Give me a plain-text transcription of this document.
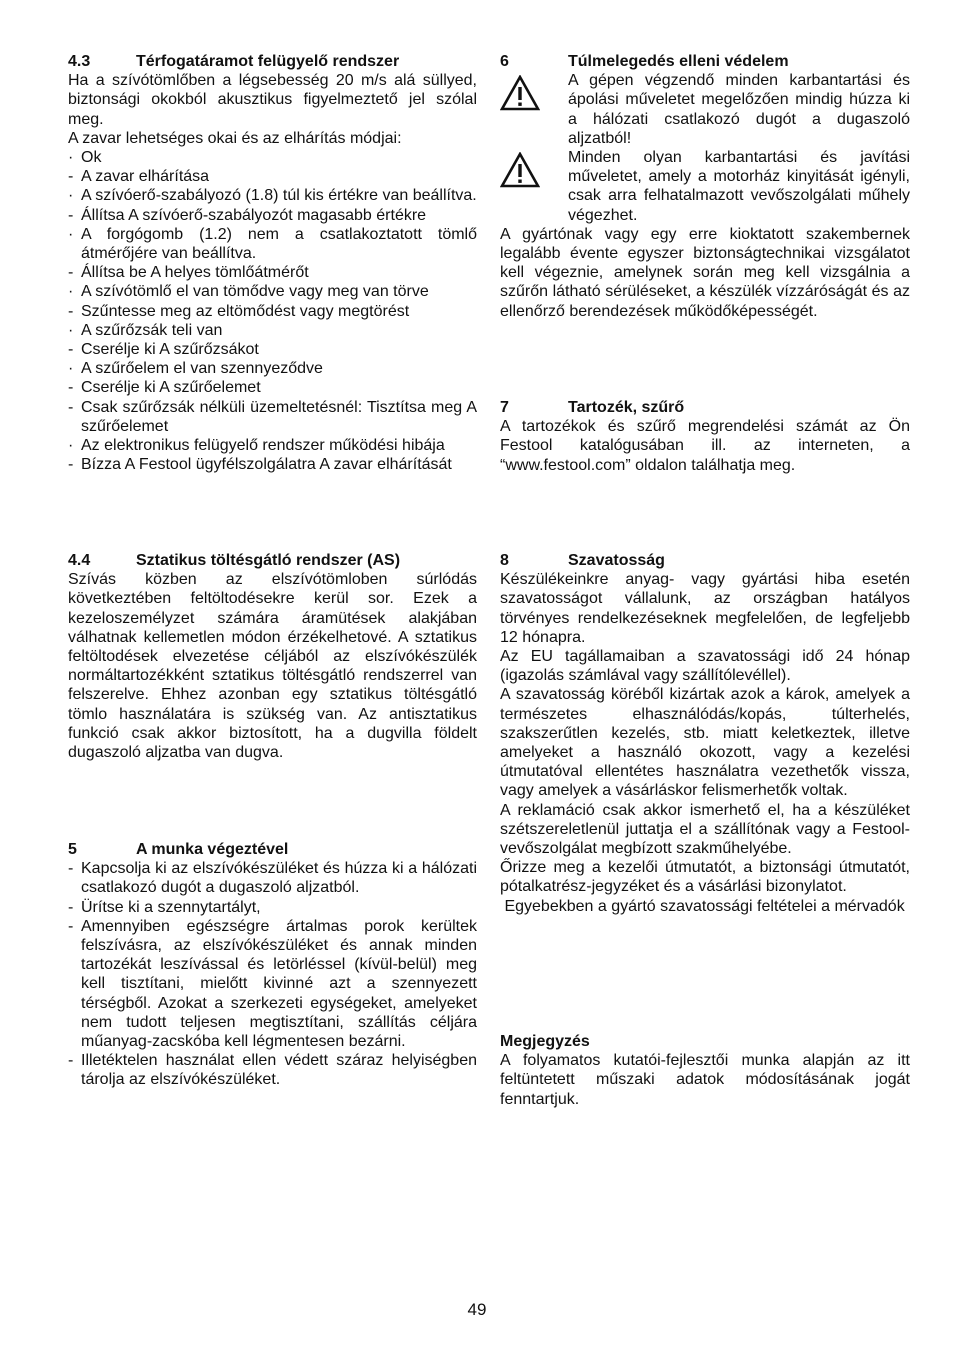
4.3	Térfogatáramot felügyelő rendszer

Ha a szívótömlőben a légsebesség 20 m/s alá süllyed, biztonsági okokból akusztikus figyelmeztető jel szólal meg.

A zavar lehetséges okai és az elhárítás módjai:

· Ok
- A zavar elhárítása
· A szívóerő-szabályozó (1.8) túl kis értékre van beállítva.
- Állítsa A szívóerő-szabályozót magasabb értékre
· A forgógomb (1.2) nem a csatlakoztatott tömlő átmérőjére van beállítva.
- Állítsa be A helyes tömlőátmérőt
· A szívótömlő el van tömődve vagy meg van törve
- Szűntesse meg az eltömődést vagy megtörést
· A szűrőzsák teli van
- Cserélje ki A szűrőzsákot
· A szűrőelem el van szennyeződve
- Cserélje ki A szűrőelemet
- Csak szűrőzsák nélküli üzemeltetésnél: Tisztítsa meg A szűrőelemet
· Az elektronikus felügyelő rendszer működési hibája
- Bízza A Festool ügyfélszolgálatra A zavar elhárítását
4.4	Sztatikus töltésgátló rendszer (AS)

Szívás közben az elszívótömloben súrlódás következtében feltöltodésekre kerül sor. Ezek a kezeloszemélyzet számára áramütések alakjában válhatnak kellemetlen módon érzékelhetové. A sztatikus feltöltodések elvezetése céljából az elszívókészülék normáltartozékként sztatikus töltésgátló rendszerrel van felszerelve. Ehhez azonban egy sztatikus töltésgátló tömlo használatára is szükség van. Az antisztatikus funkció csak akkor biztosított, ha a dugvilla földelt dugaszoló aljzatba van dugva.

5	A munka végeztével
- Kapcsolja ki az elszívókészüléket és húzza ki a hálózati csatlakozó dugót a dugaszoló aljzatból.
- Ürítse ki a szennytartályt,
- Amennyiben egészségre ártalmas porok kerültek felszívásra, az elszívókészüléket és annak minden tartozékát leszívással és letörléssel (kívül-belül) meg kell tisztítani, mielőtt kivinné azt a szennyezett térségből. Azokat a szerkezeti egységeket, amelyeket nem tudott teljesen megtisztítani, szállítás céljára műanyag-zacskóba kell légmentesen bezárni.
- Illetéktelen használat ellen védett száraz helyiségben tárolja az elszívókészüléket.
6	Túlmelegedés elleni védelem

A gépen végzendő minden karbantartási és ápolási műveletet megelőzően mindig húzza ki a hálózati csatlakozó dugót a dugaszoló aljzatból!

Minden olyan karbantartási és javítási műveletet, amely a motorház kinyitását igényli, csak arra felhatalmazott vevőszolgálati műhely végezhet.

A gyártónak vagy egy erre kioktatott szakembernek legalább évente egyszer biztonságtechnikai vizsgálatot kell végeznie, amelynek során meg kell vizsgálnia a szűrőn látható sérüléseket, a készülék vízzáróságát és az ellenőrző berendezések működőképességét.

7	Tartozék, szűrő

A tartozékok és szűrő megrendelési számát az Ön Festool katalógusában ill. az interneten, a “www.festool.com” oldalon találhatja meg.

8	Szavatosság

Készülékeinkre anyag- vagy gyártási hiba esetén szavatosságot vállalunk, az országban hatályos törvényes rendelkezéseknek megfelelően, de legfeljebb 12 hónapra.

Az EU tagállamaiban a szavatossági idő 24 hónap (igazolás számlával vagy szállítólevéllel).

A szavatosság köréből kizártak azok a károk, amelyek a természetes elhasználódás/kopás, túlterhelés, szakszerűtlen kezelés, stb. miatt keletkeztek, illetve amelyeket a használó okozott, vagy a kezelési útmutatóval ellentétes használatra vezethetők vissza, vagy amelyek a vásárláskor felismerhetők voltak.

A reklamáció csak akkor ismerhető el, ha a készüléket szétszereletlenül juttatja el a szállítónak vagy a Festool-vevőszolgálat megbízott szakműhelyébe.

Őrizze meg a kezelői útmutatót, a biztonsági útmutatót, pótalkatrész-jegyzéket és a vásárlási bizonylatot.

Egyebekben a gyártó szavatossági feltételei a mérvadók

Megjegyzés

A folyamatos kutatói-fejlesztői munka alapján az itt feltüntetett műszaki adatok módosításának jogát fenntartjuk.

49
